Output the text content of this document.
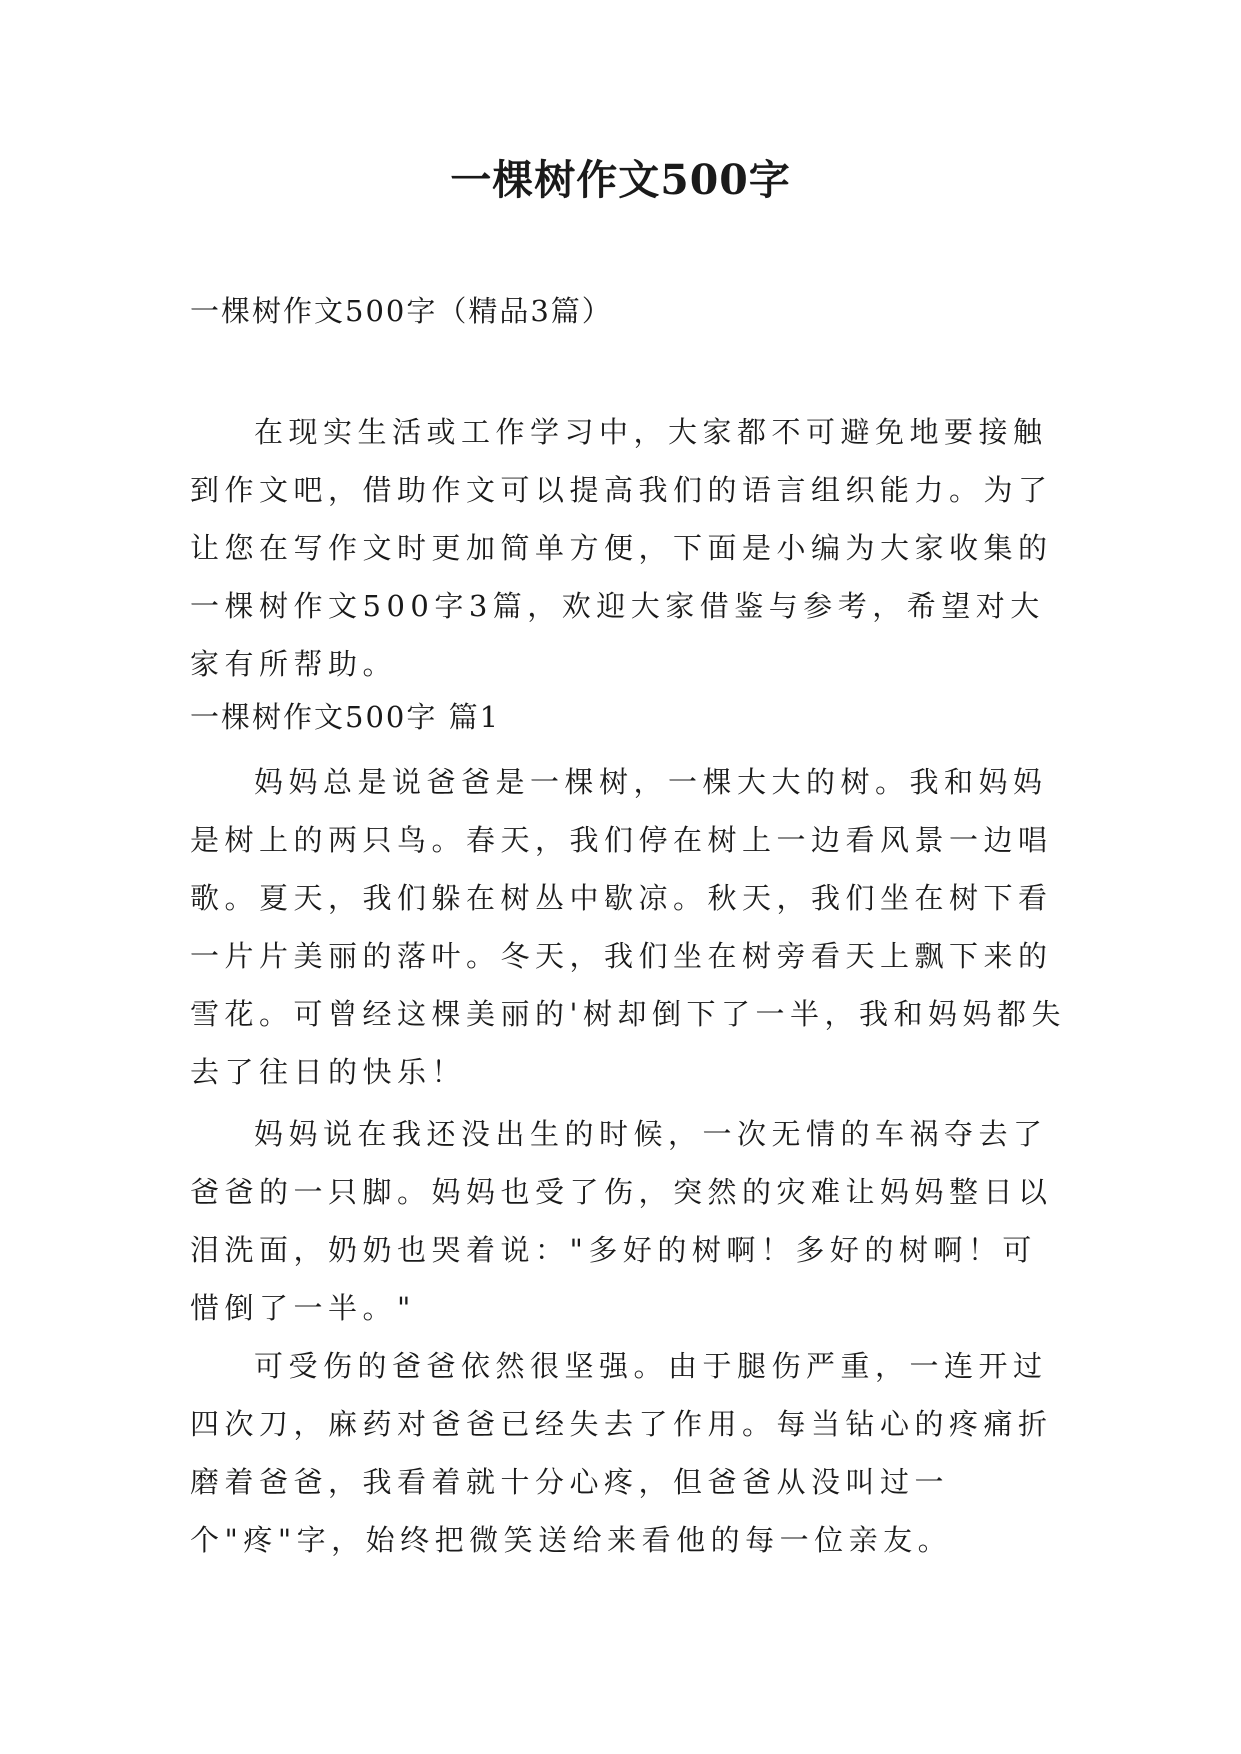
一棵树作文500字
一棵树作文500字（精品3篇）

在现实生活或工作学习中，大家都不可避免地要接触到作文吧，借助作文可以提高我们的语言组织能力。为了让您在写作文时更加简单方便，下面是小编为大家收集的一棵树作文500字3篇，欢迎大家借鉴与参考，希望对大家有所帮助。

一棵树作文500字 篇1

妈妈总是说爸爸是一棵树，一棵大大的树。我和妈妈是树上的两只鸟。春天，我们停在树上一边看风景一边唱歌。夏天，我们躲在树丛中歇凉。秋天，我们坐在树下看一片片美丽的落叶。冬天，我们坐在树旁看天上飘下来的雪花。可曾经这棵美丽的'树却倒下了一半，我和妈妈都失去了往日的快乐！

妈妈说在我还没出生的时候，一次无情的车祸夺去了爸爸的一只脚。妈妈也受了伤，突然的灾难让妈妈整日以泪洗面，奶奶也哭着说："多好的树啊！多好的树啊！可惜倒了一半。"

可受伤的爸爸依然很坚强。由于腿伤严重，一连开过四次刀，麻药对爸爸已经失去了作用。每当钻心的疼痛折磨着爸爸，我看着就十分心疼，但爸爸从没叫过一个"疼"字，始终把微笑送给来看他的每一位亲友。
